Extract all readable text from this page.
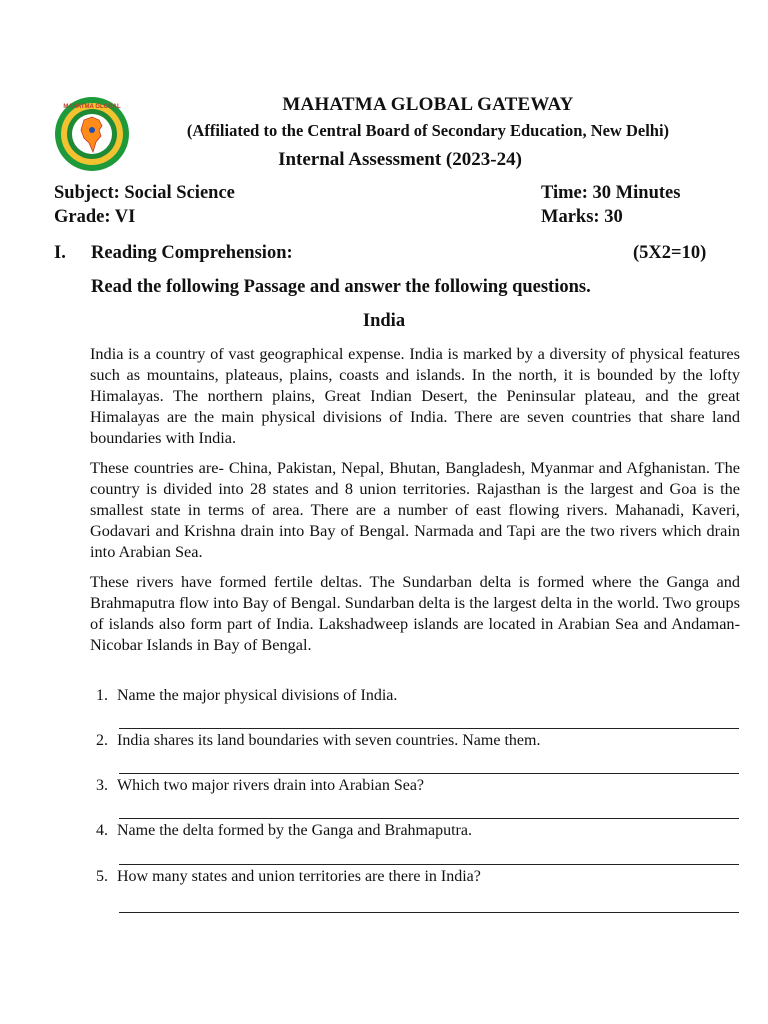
MAHATMA GLOBAL	MAHATMA GLOBAL GATEWAY
(Affiliated to the Central Board of Secondary Education, New Delhi)
Internal Assessment (2023-24)
Subject: Social Science
Grade: VI
Time: 30 Minutes
Marks: 30
I. Reading Comprehension:	(5X2=10)
Read the following Passage and answer the following questions.
India
India is a country of vast geographical expense. India is marked by a diversity of physical features such as mountains, plateaus, plains, coasts and islands. In the north, it is bounded by the lofty Himalayas. The northern plains, Great Indian Desert, the Peninsular plateau, and the great Himalayas are the main physical divisions of India. There are seven countries that share land boundaries with India.
These countries are- China, Pakistan, Nepal, Bhutan, Bangladesh, Myanmar and Afghanistan. The country is divided into 28 states and 8 union territories. Rajasthan is the largest and Goa is the smallest state in terms of area. There are a number of east flowing rivers. Mahanadi, Kaveri, Godavari and Krishna drain into Bay of Bengal. Narmada and Tapi are the two rivers which drain into Arabian Sea.
These rivers have formed fertile deltas. The Sundarban delta is formed where the Ganga and Brahmaputra flow into Bay of Bengal. Sundarban delta is the largest delta in the world. Two groups of islands also form part of India. Lakshadweep islands are located in Arabian Sea and Andaman-Nicobar Islands in Bay of Bengal.
1. Name the major physical divisions of India.
2. India shares its land boundaries with seven countries. Name them.
3. Which two major rivers drain into Arabian Sea?
4. Name the delta formed by the Ganga and Brahmaputra.
5. How many states and union territories are there in India?
